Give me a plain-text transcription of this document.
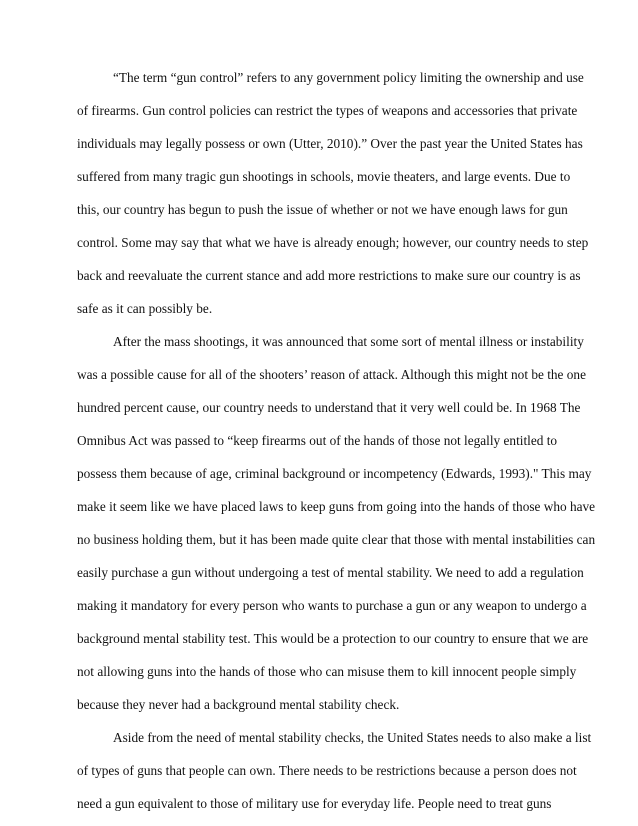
“The term “gun control” refers to any government policy limiting the ownership and use

of firearms. Gun control policies can restrict the types of weapons and accessories that private

individuals may legally possess or own (Utter, 2010).” Over the past year the United States has

suffered from many tragic gun shootings in schools, movie theaters, and large events. Due to

this, our country has begun to push the issue of whether or not we have enough laws for gun

control. Some may say that what we have is already enough; however, our country needs to step

back and reevaluate the current stance and add more restrictions to make sure our country is as

safe as it can possibly be.

After the mass shootings, it was announced that some sort of mental illness or instability

was a possible cause for all of the shooters’ reason of attack. Although this might not be the one

hundred percent cause, our country needs to understand that it very well could be. In 1968 The

Omnibus Act was passed to “keep firearms out of the hands of those not legally entitled to

possess them because of age, criminal background or incompetency (Edwards, 1993)." This may

make it seem like we have placed laws to keep guns from going into the hands of those who have

no business holding them, but it has been made quite clear that those with mental instabilities can

easily purchase a gun without undergoing a test of mental stability. We need to add a regulation

making it mandatory for every person who wants to purchase a gun or any weapon to undergo a

background mental stability test. This would be a protection to our country to ensure that we are

not allowing guns into the hands of those who can misuse them to kill innocent people simply

because they never had a background mental stability check.

Aside from the need of mental stability checks, the United States needs to also make a list

of types of guns that people can own. There needs to be restrictions because a person does not

need a gun equivalent to those of military use for everyday life. People need to treat guns
